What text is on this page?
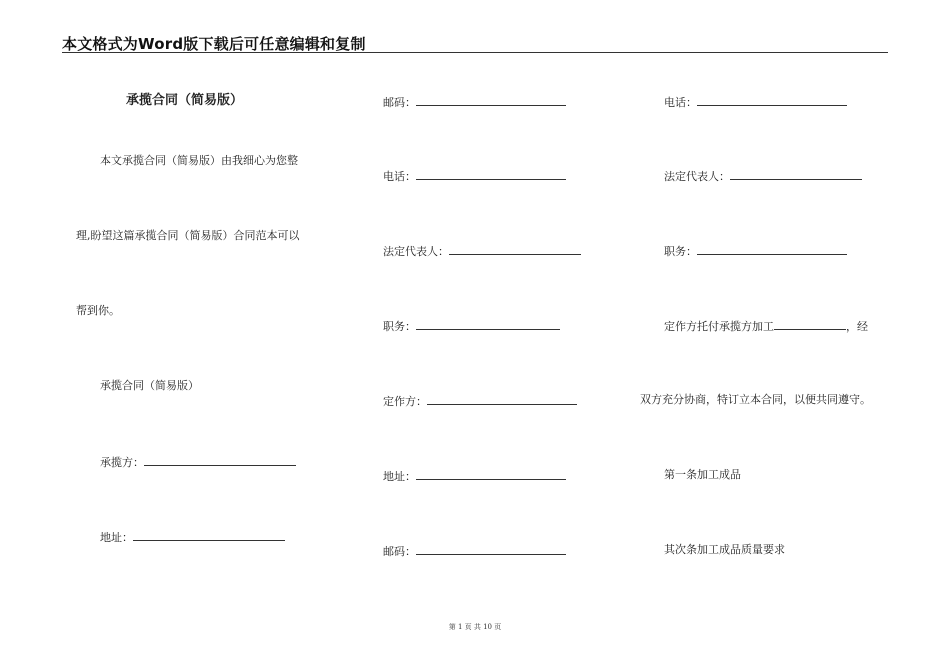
本文格式为Word版下载后可任意编辑和复制
承揽合同（简易版）
本文承揽合同（简易版）由我细心为您整
理,盼望这篇承揽合同（简易版）合同范本可以
帮到你。
承揽合同（简易版）
承揽方：
地址：
邮码：
电话：
法定代表人：
职务：
定作方：
地址：
邮码：
电话：
法定代表人：
职务：
定作方托付承揽方加工	，经
双方充分协商，特订立本合同，以便共同遵守。
第一条加工成品
其次条加工成品质量要求
第 1 页 共 10 页
